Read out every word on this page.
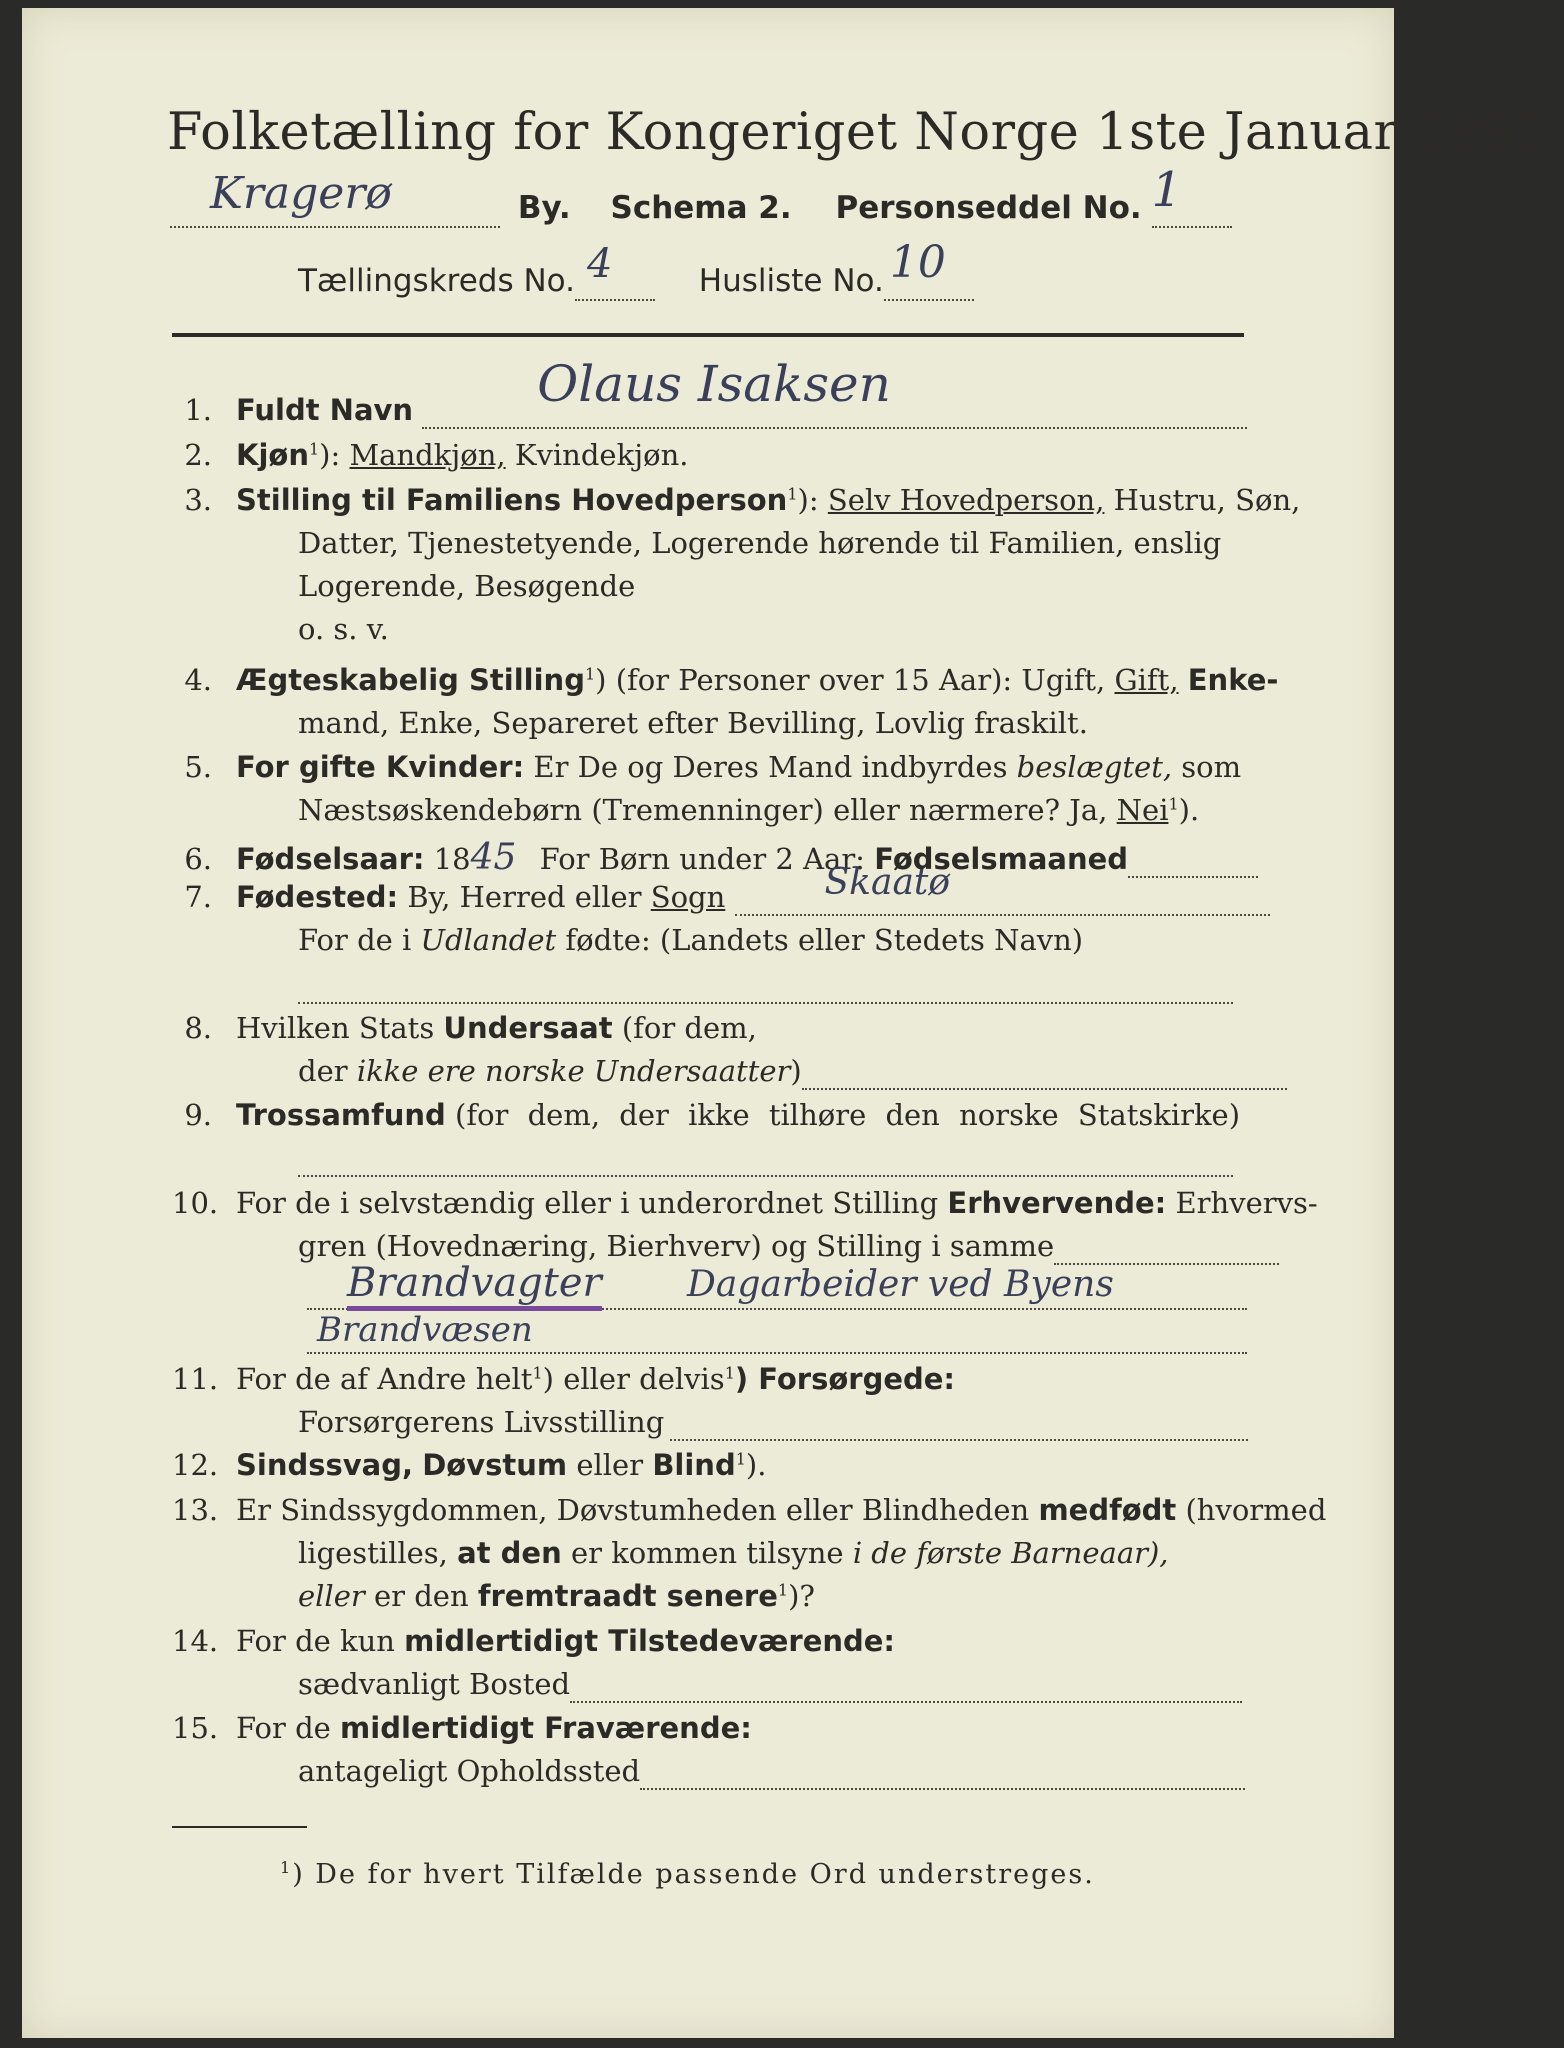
Folketælling for Kongeriget Norge 1ste Januar 1891.
Kragerø	By. Schema 2. Personseddel No. 1

Tællingskreds No. 4	Husliste No. 10

1. Fuldt Navn Olaus Isaksen

2. Kjøn$^1$): Mandkjøn, Kvindekjøn.
3. Stilling til Familiens Hovedperson$^1$): Selv Hovedperson, Hustru, Søn,
Datter, Tjenestetyende, Logerende hørende til Familien, enslig
Logerende, Besøgende
o. s. v.
4. Ægteskabelig Stilling$^1$) (for Personer over 15 Aar): Ugift, Gift, Enke-
mand, Enke, Separeret efter Bevilling, Lovlig fraskilt.
5. For gifte Kvinder: Er De og Deres Mand indbyrdes beslægtet, som
Næstsøskendebørn (Tremenninger) eller nærmere? Ja, Nei$^1$).
6. Fødselsaar: 1845 For Børn under 2 Aar: Fødselsmaaned
7. Fødested: By, Herred eller Sogn	Skaatø

For de i Udlandet fødte: (Landets eller Stedets Navn)

8. Hvilken Stats Undersaat (for dem,
der ikke ere norske Undersaatter)
9. Trossamfund (for dem, der ikke tilhøre den norske Statskirke)

10. For de i selvstændig eller i underordnet Stilling Erhvervende: Erhvervs-
gren (Hovednæring, Bierhverv) og Stilling i samme
Brandvagter Dagarbeider ved Byens
Brandvæsen
11. For de af Andre helt$^1$) eller delvis$^1$) Forsørgede:
Forsørgerens Livsstilling
12. Sindssvag, Døvstum eller Blind$^1$).
13. Er Sindssygdommen, Døvstumheden eller Blindheden medfødt (hvormed
ligestilles, at den er kommen tilsyne i de første Barneaar),
eller er den fremtraadt senere$^1$)?
14. For de kun midlertidigt Tilstedeværende:
sædvanligt Bosted
15. For de midlertidigt Fraværende:
antageligt Opholdssted
$^1$) De for hvert Tilfælde passende Ord understreges.
